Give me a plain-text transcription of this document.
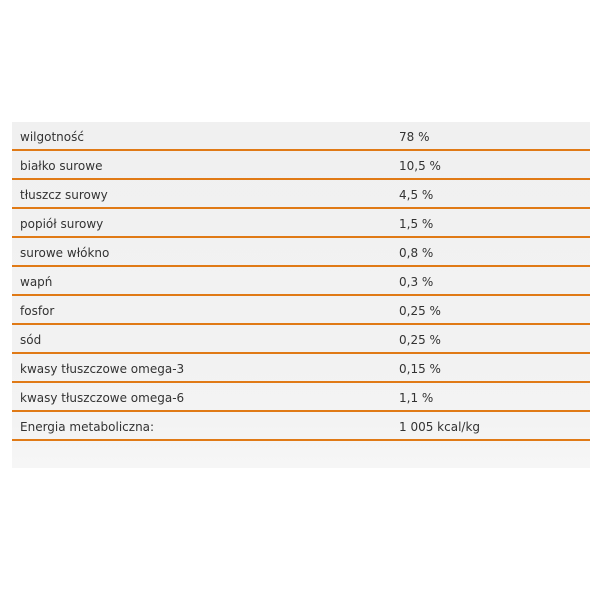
wilgotność	78 %
białko surowe	10,5 %
tłuszcz surowy	4,5 %
popiół surowy	1,5 %
surowe włókno	0,8 %
wapń	0,3 %
fosfor	0,25 %
sód	0,25 %
kwasy tłuszczowe omega-3	0,15 %
kwasy tłuszczowe omega-6	1,1 %
Energia metaboliczna:	1 005 kcal/kg
